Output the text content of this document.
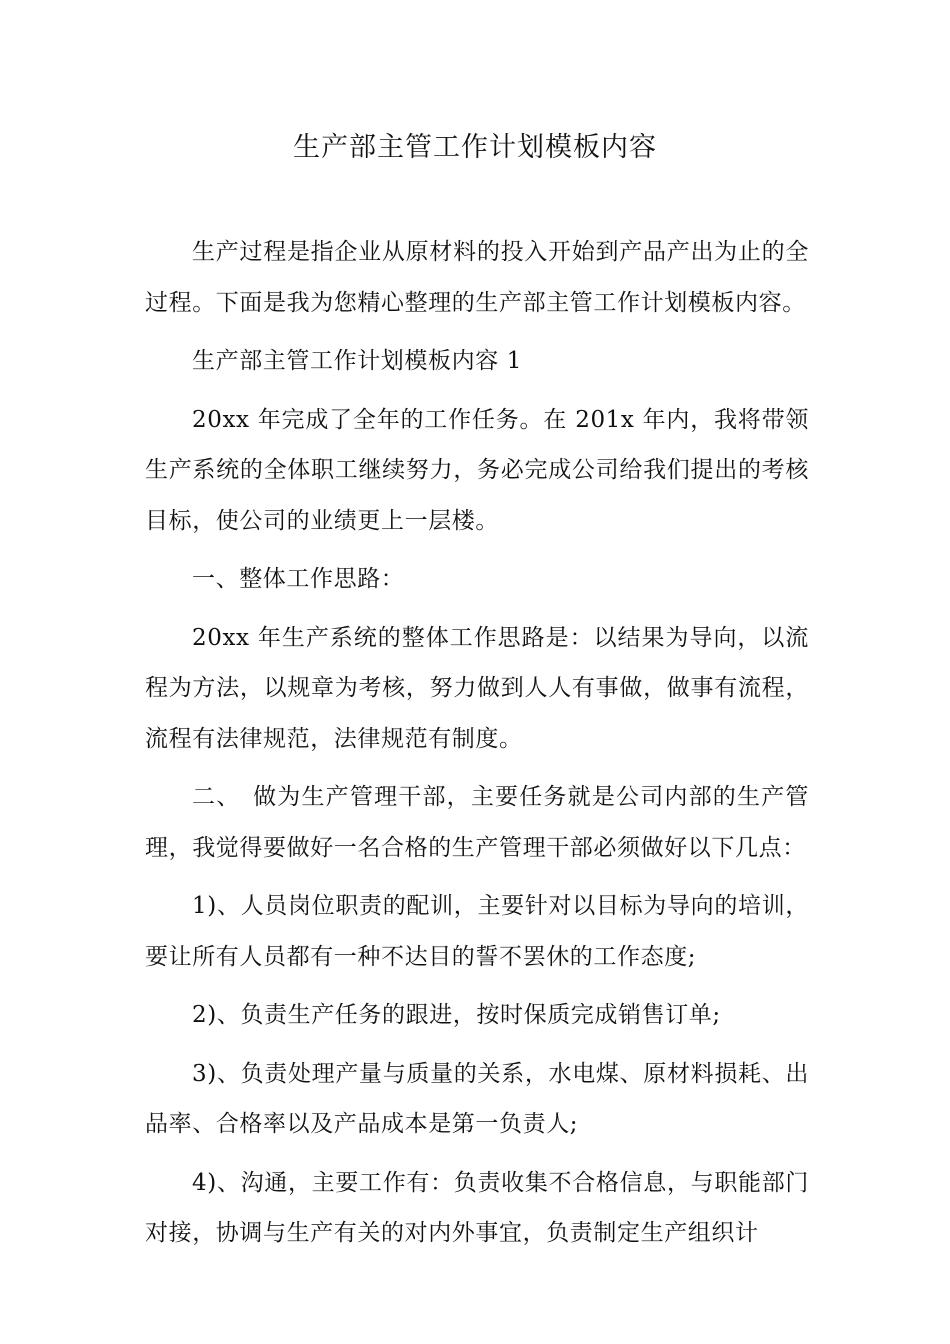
生产部主管工作计划模板内容

生产过程是指企业从原材料的投入开始到产品产出为止的全过程。下面是我为您精心整理的生产部主管工作计划模板内容。

生产部主管工作计划模板内容 1

20xx 年完成了全年的工作任务。在 201x 年内，我将带领生产系统的全体职工继续努力，务必完成公司给我们提出的考核目标，使公司的业绩更上一层楼。

一、整体工作思路：

20xx 年生产系统的整体工作思路是：以结果为导向，以流程为方法，以规章为考核，努力做到人人有事做，做事有流程，流程有法律规范，法律规范有制度。

二、　做为生产管理干部，主要任务就是公司内部的生产管理，我觉得要做好一名合格的生产管理干部必须做好以下几点：

1)、人员岗位职责的配训，主要针对以目标为导向的培训，要让所有人员都有一种不达目的誓不罢休的工作态度;

2)、负责生产任务的跟进，按时保质完成销售订单;

3)、负责处理产量与质量的关系，水电煤、原材料损耗、出品率、合格率以及产品成本是第一负责人;

4)、沟通，主要工作有：负责收集不合格信息，与职能部门对接，协调与生产有关的对内外事宜，负责制定生产组织计
